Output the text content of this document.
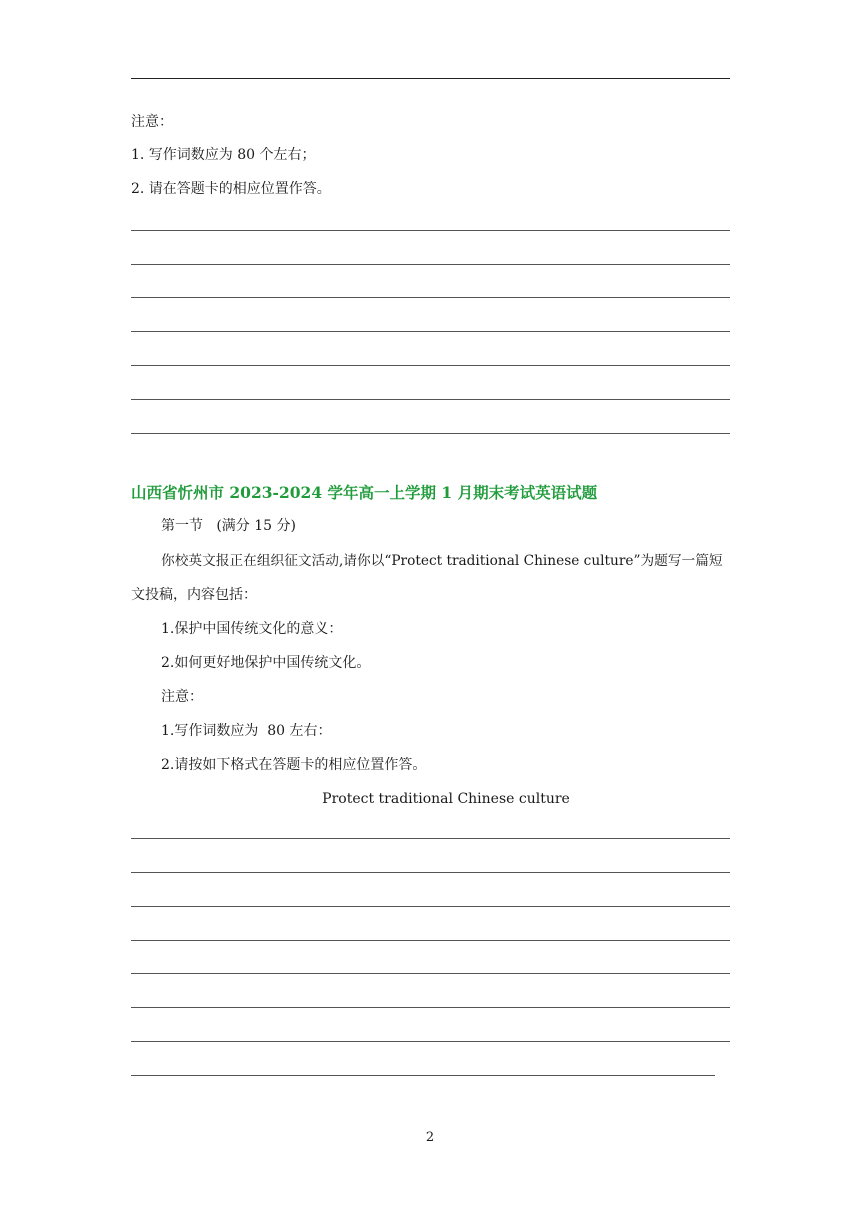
注意：
1. 写作词数应为 80 个左右；
2. 请在答题卡的相应位置作答。
山西省忻州市 2023-2024 学年高一上学期 1 月期末考试英语试题
第一节   (满分 15 分)
你校英文报正在组织征文活动,请你以“Protect traditional Chinese culture”为题写一篇短
文投稿，内容包括：
1.保护中国传统文化的意义：
2.如何更好地保护中国传统文化。
注意：
1.写作词数应为  80 左右：
2.请按如下格式在答题卡的相应位置作答。
Protect traditional Chinese culture
2
